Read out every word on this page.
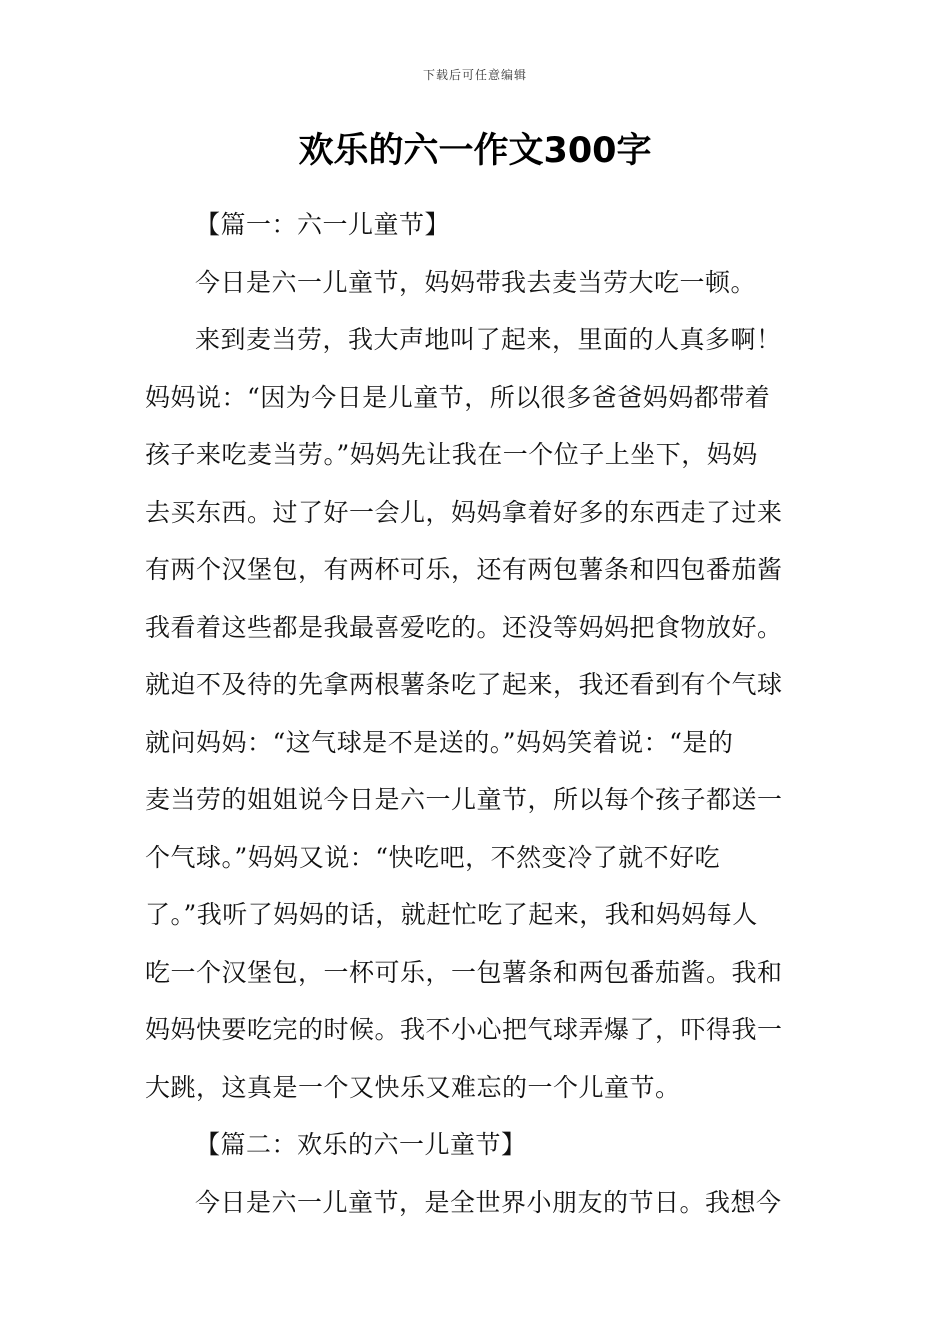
下载后可任意编辑
欢乐的六一作文300字
【篇一：六一儿童节】
今日是六一儿童节，妈妈带我去麦当劳大吃一顿。
来到麦当劳，我大声地叫了起来，里面的人真多啊！
妈妈说：“因为今日是儿童节，所以很多爸爸妈妈都带着
孩子来吃麦当劳。”妈妈先让我在一个位子上坐下，妈妈
去买东西。过了好一会儿，妈妈拿着好多的东西走了过来
有两个汉堡包，有两杯可乐，还有两包薯条和四包番茄酱
我看着这些都是我最喜爱吃的。还没等妈妈把食物放好。
就迫不及待的先拿两根薯条吃了起来，我还看到有个气球
就问妈妈：“这气球是不是送的。”妈妈笑着说：“是的
麦当劳的姐姐说今日是六一儿童节，所以每个孩子都送一
个气球。”妈妈又说：“快吃吧，不然变冷了就不好吃
了。”我听了妈妈的话，就赶忙吃了起来，我和妈妈每人
吃一个汉堡包，一杯可乐，一包薯条和两包番茄酱。我和
妈妈快要吃完的时候。我不小心把气球弄爆了，吓得我一
大跳，这真是一个又快乐又难忘的一个儿童节。
【篇二：欢乐的六一儿童节】
今日是六一儿童节，是全世界小朋友的节日。我想今
